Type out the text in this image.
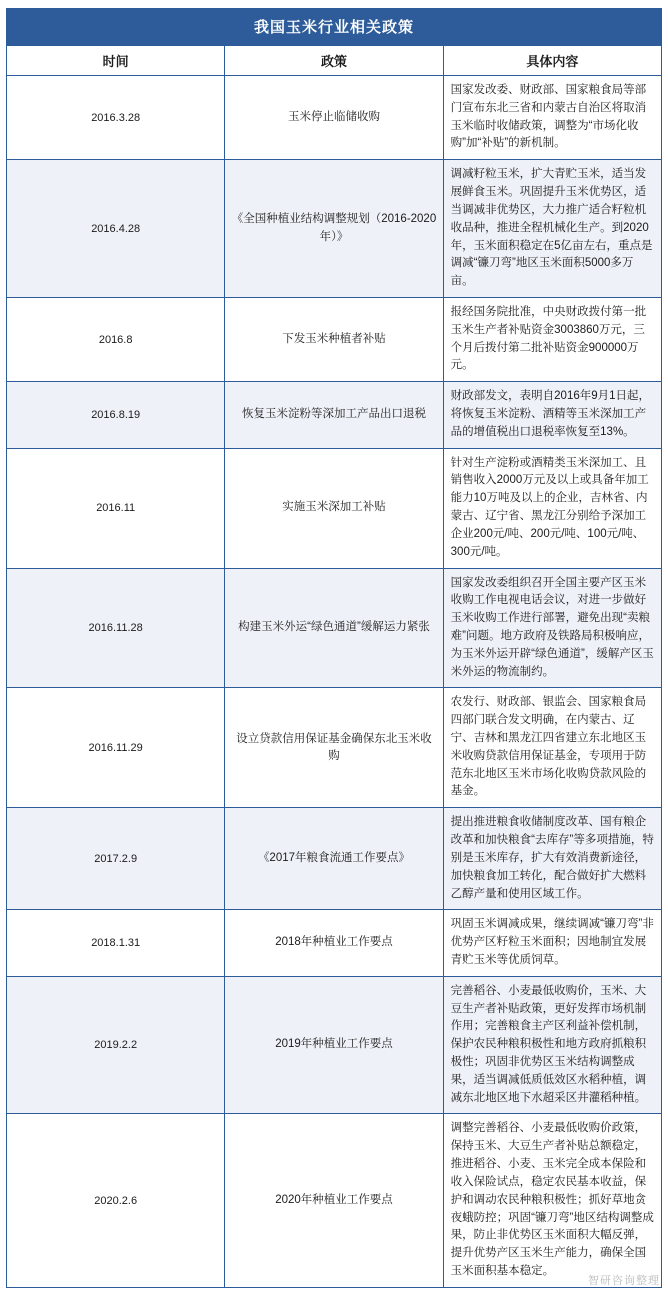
我国玉米行业相关政策
时间	政策	具体内容
2016.3.28	玉米停止临储收购	国家发改委、财政部、国家粮食局等部门宣布东北三省和内蒙古自治区将取消玉米临时收储政策，调整为“市场化收购”加“补贴”的新机制。
2016.4.28	《全国种植业结构调整规划（2016-2020年）》	调减籽粒玉米，扩大青贮玉米，适当发展鲜食玉米。巩固提升玉米优势区，适当调减非优势区，大力推广适合籽粒机收品种，推进全程机械化生产。到2020年，玉米面积稳定在5亿亩左右，重点是调减“镰刀弯”地区玉米面积5000多万亩。
2016.8	下发玉米种植者补贴	报经国务院批准，中央财政拨付第一批玉米生产者补贴资金3003860万元，三个月后拨付第二批补贴资金900000万元。
2016.8.19	恢复玉米淀粉等深加工产品出口退税	财政部发文，表明自2016年9月1日起，将恢复玉米淀粉、酒精等玉米深加工产品的增值税出口退税率恢复至13%。
2016.11	实施玉米深加工补贴	针对生产淀粉或酒精类玉米深加工、且销售收入2000万元及以上或具备年加工能力10万吨及以上的企业，吉林省、内蒙古、辽宁省、黑龙江分别给予深加工企业200元/吨、200元/吨、100元/吨、300元/吨。
2016.11.28	构建玉米外运“绿色通道”缓解运力紧张	国家发改委组织召开全国主要产区玉米收购工作电视电话会议，对进一步做好玉米收购工作进行部署，避免出现“卖粮难”问题。地方政府及铁路局积极响应，为玉米外运开辟“绿色通道”，缓解产区玉米外运的物流制约。
2016.11.29	设立贷款信用保证基金确保东北玉米收购	农发行、财政部、银监会、国家粮食局四部门联合发文明确，在内蒙古、辽宁、吉林和黑龙江四省建立东北地区玉米收购贷款信用保证基金，专项用于防范东北地区玉米市场化收购贷款风险的基金。
2017.2.9	《2017年粮食流通工作要点》	提出推进粮食收储制度改革、国有粮企改革和加快粮食“去库存”等多项措施，特别是玉米库存，扩大有效消费新途径，加快粮食加工转化，配合做好扩大燃料乙醇产量和使用区域工作。
2018.1.31	2018年种植业工作要点	巩固玉米调减成果，继续调减“镰刀弯”非优势产区籽粒玉米面积；因地制宜发展青贮玉米等优质饲草。
2019.2.2	2019年种植业工作要点	完善稻谷、小麦最低收购价，玉米、大豆生产者补贴政策，更好发挥市场机制作用；完善粮食主产区利益补偿机制，保护农民种粮积极性和地方政府抓粮积极性；巩固非优势区玉米结构调整成果，适当调减低质低效区水稻种植，调减东北地区地下水超采区井灌稻种植。
2020.2.6	2020年种植业工作要点	调整完善稻谷、小麦最低收购价政策，保持玉米、大豆生产者补贴总额稳定，推进稻谷、小麦、玉米完全成本保险和收入保险试点，稳定农民基本收益，保护和调动农民种粮积极性；抓好草地贪夜蛾防控；巩固“镰刀弯”地区结构调整成果，防止非优势区玉米面积大幅反弹，提升优势产区玉米生产能力，确保全国玉米面积基本稳定。
智研咨询整理
